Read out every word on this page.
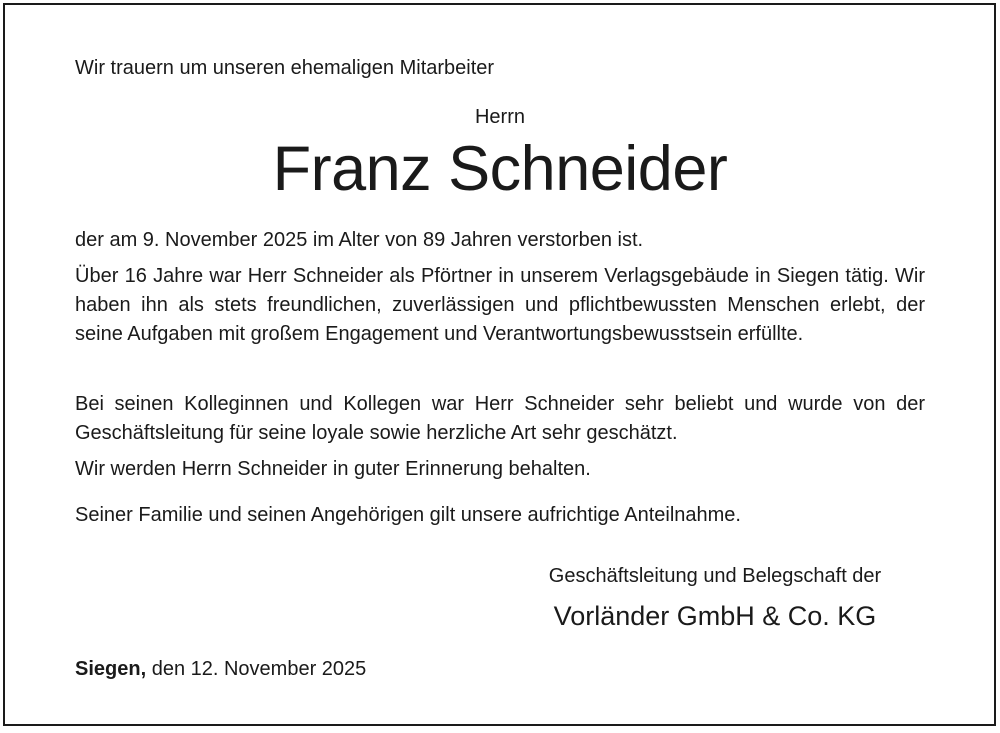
Wir trauern um unseren ehemaligen Mitarbeiter
Herrn
Franz Schneider
der am 9. November 2025 im Alter von 89 Jahren verstorben ist.
Über 16 Jahre war Herr Schneider als Pförtner in unserem Verlagsgebäude in Siegen tätig. Wir haben ihn als stets freundlichen, zuverlässigen und pflichtbewussten Menschen erlebt, der seine Aufgaben mit großem Engagement und Verantwortungsbewusstsein erfüllte.
Bei seinen Kolleginnen und Kollegen war Herr Schneider sehr beliebt und wurde von der Geschäftsleitung für seine loyale sowie herzliche Art sehr geschätzt.
Wir werden Herrn Schneider in guter Erinnerung behalten.
Seiner Familie und seinen Angehörigen gilt unsere aufrichtige Anteilnahme.
Geschäftsleitung und Belegschaft der
Vorländer GmbH & Co. KG
Siegen, den 12. November 2025
